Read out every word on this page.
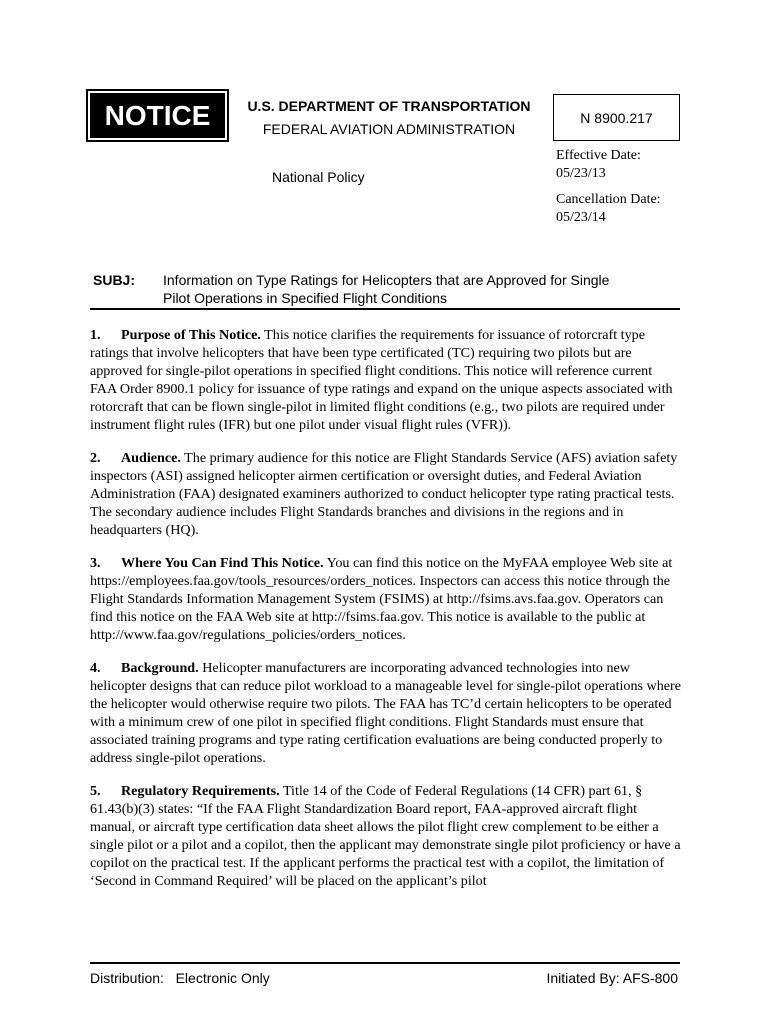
NOTICE	U.S. DEPARTMENT OF TRANSPORTATION
FEDERAL AVIATION ADMINISTRATION
N 8900.217
National Policy
Effective Date:
05/23/13
Cancellation Date:
05/23/14
SUBJ: Information on Type Ratings for Helicopters that are Approved for Single
Pilot Operations in Specified Flight Conditions

1. Purpose of This Notice. This notice clarifies the requirements for issuance of rotorcraft type ratings that involve helicopters that have been type certificated (TC) requiring two pilots but are approved for single-pilot operations in specified flight conditions. This notice will reference current FAA Order 8900.1 policy for issuance of type ratings and expand on the unique aspects associated with rotorcraft that can be flown single-pilot in limited flight conditions (e.g., two pilots are required under instrument flight rules (IFR) but one pilot under visual flight rules (VFR)).

2. Audience. The primary audience for this notice are Flight Standards Service (AFS) aviation safety inspectors (ASI) assigned helicopter airmen certification or oversight duties, and Federal Aviation Administration (FAA) designated examiners authorized to conduct helicopter type rating practical tests. The secondary audience includes Flight Standards branches and divisions in the regions and in headquarters (HQ).

3. Where You Can Find This Notice. You can find this notice on the MyFAA employee Web site at https://employees.faa.gov/tools_resources/orders_notices. Inspectors can access this notice through the Flight Standards Information Management System (FSIMS) at http://fsims.avs.faa.gov. Operators can find this notice on the FAA Web site at http://fsims.faa.gov. This notice is available to the public at http://www.faa.gov/regulations_policies/orders_notices.

4. Background. Helicopter manufacturers are incorporating advanced technologies into new helicopter designs that can reduce pilot workload to a manageable level for single-pilot operations where the helicopter would otherwise require two pilots. The FAA has TC’d certain helicopters to be operated with a minimum crew of one pilot in specified flight conditions. Flight Standards must ensure that associated training programs and type rating certification evaluations are being conducted properly to address single-pilot operations.

5. Regulatory Requirements. Title 14 of the Code of Federal Regulations (14 CFR) part 61, § 61.43(b)(3) states: “If the FAA Flight Standardization Board report, FAA-approved aircraft flight manual, or aircraft type certification data sheet allows the pilot flight crew complement to be either a single pilot or a pilot and a copilot, then the applicant may demonstrate single pilot proficiency or have a copilot on the practical test. If the applicant performs the practical test with a copilot, the limitation of ‘Second in Command Required’ will be placed on the applicant’s pilot

Distribution:   Electronic Only	Initiated By: AFS-800
